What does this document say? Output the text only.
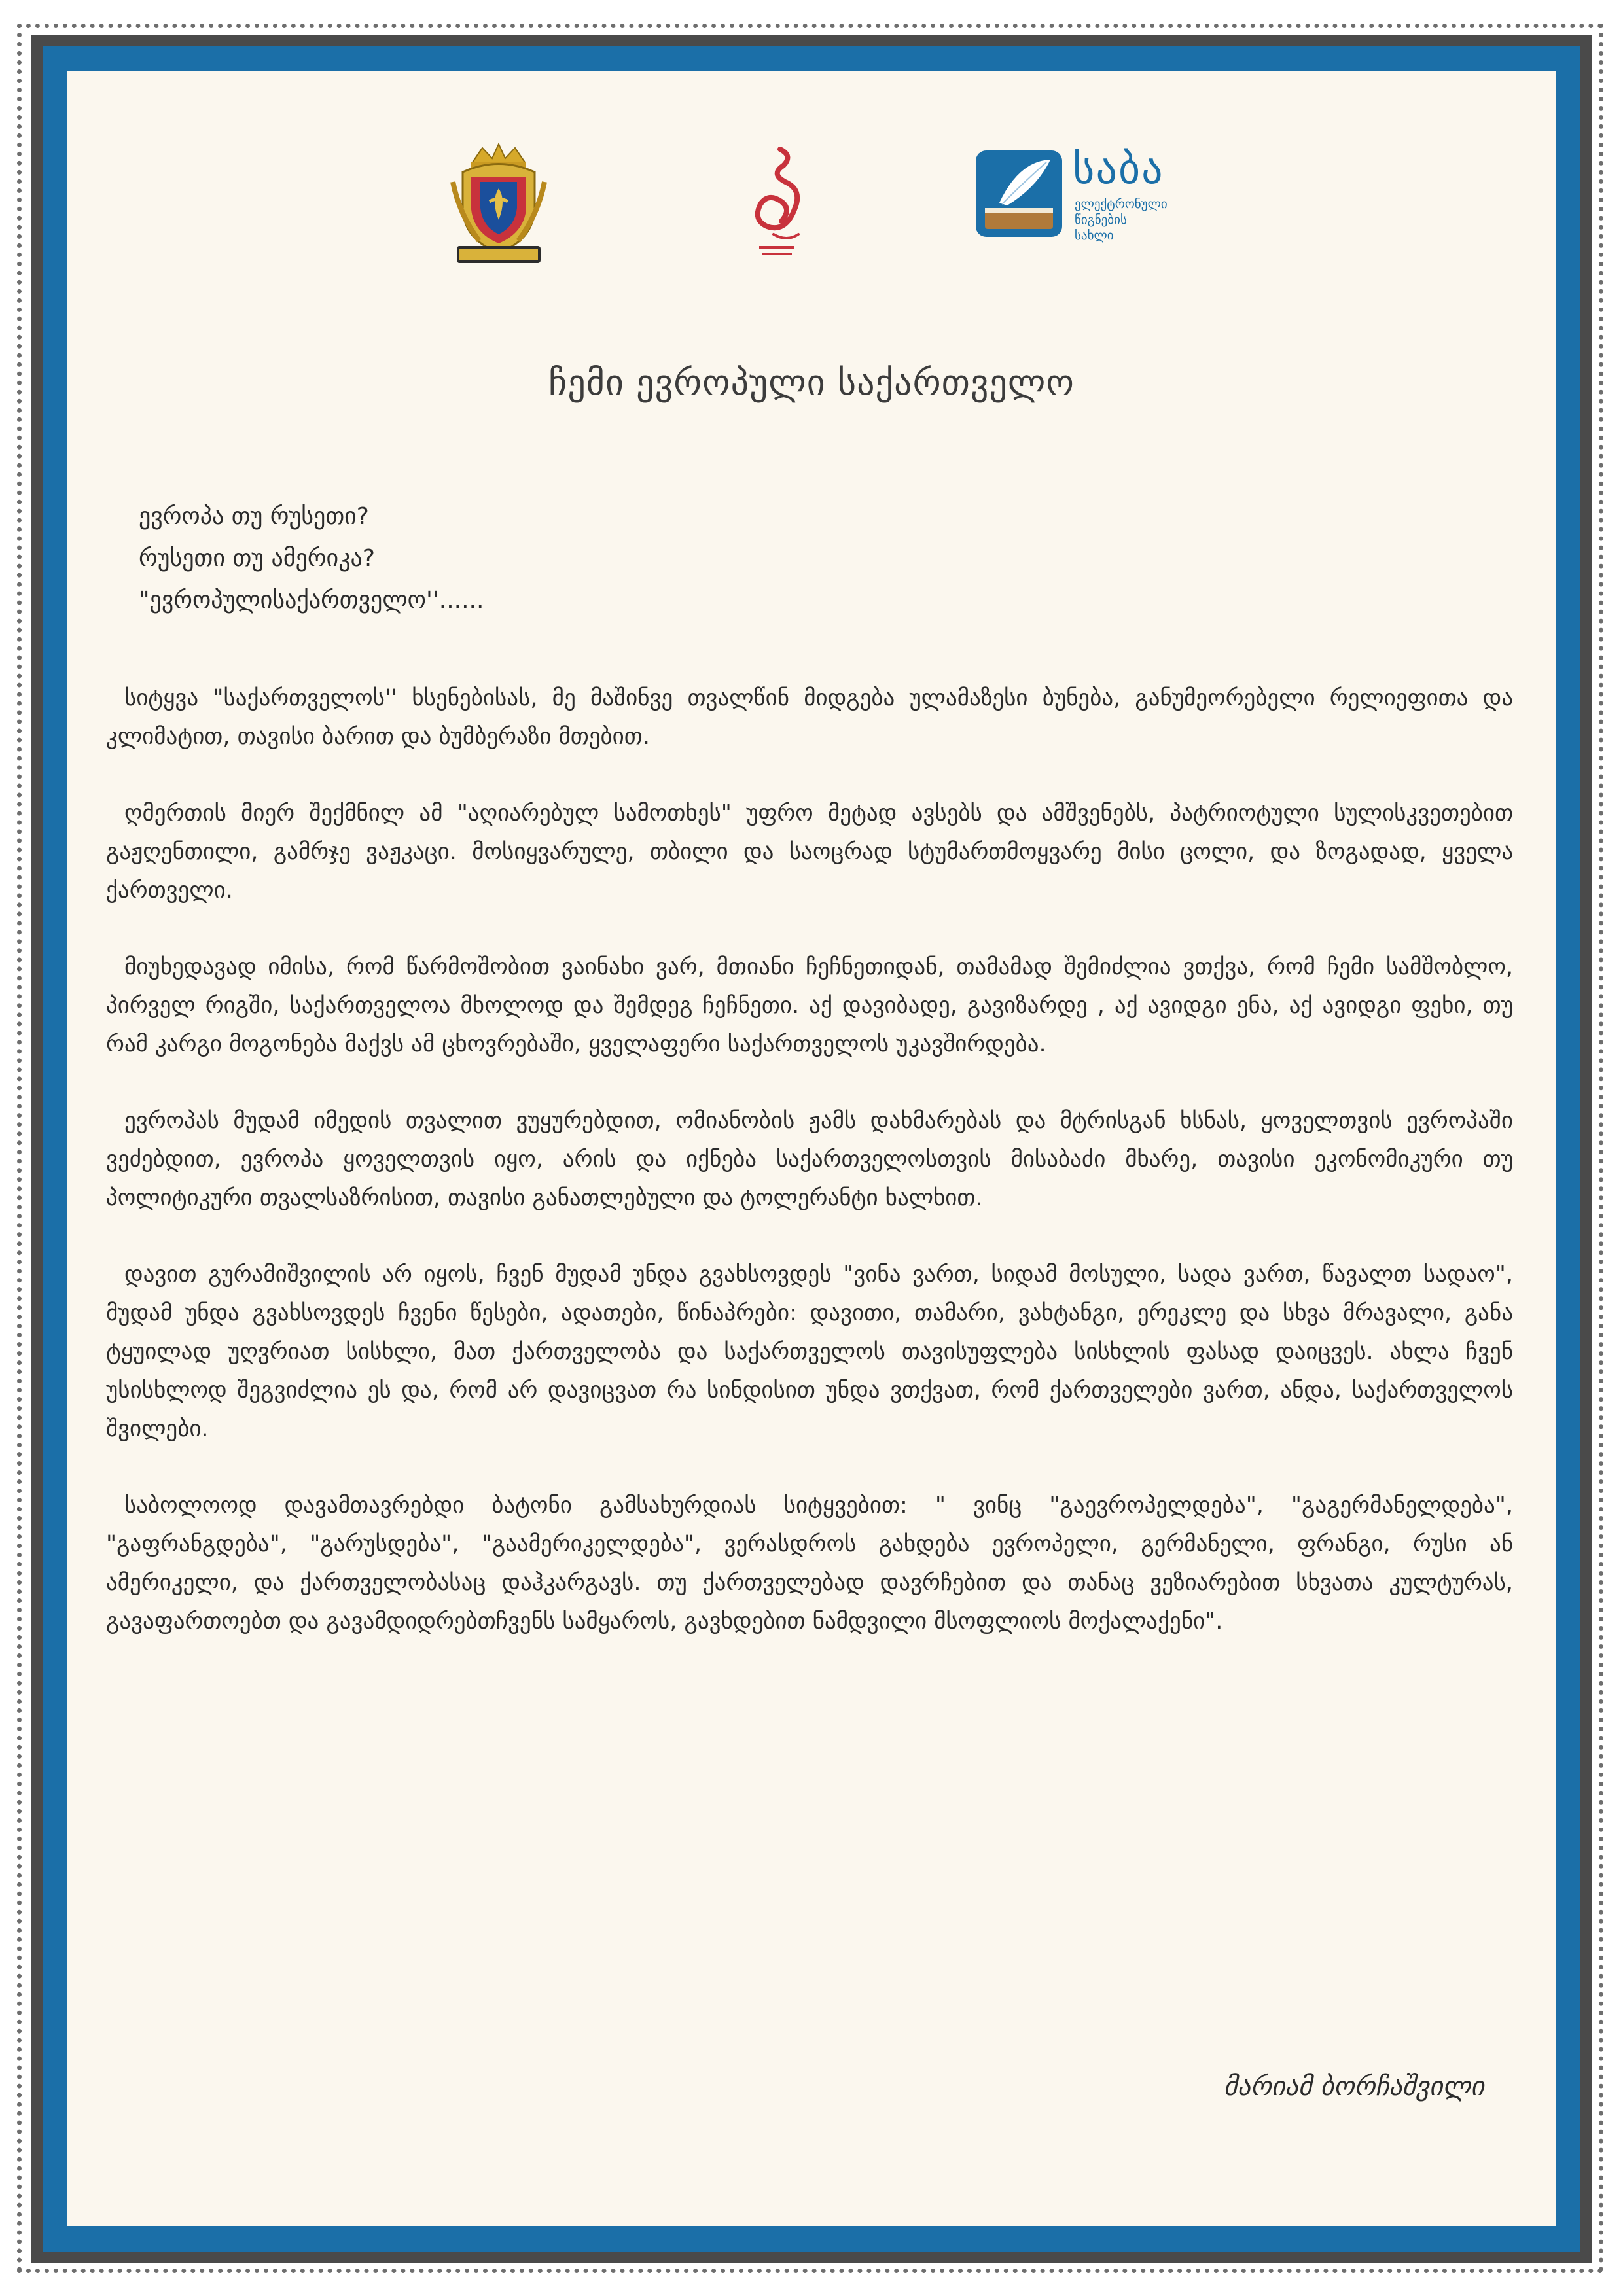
საბა
ელექტრონული
წიგნების
სახლი
ჩემი ევროპული საქართველო
ევროპა თუ რუსეთი?
რუსეთი თუ ამერიკა?
"ევროპულისაქართველო''......

სიტყვა "საქართველოს'' ხსენებისას, მე მაშინვე თვალწინ მიდგება ულამაზესი ბუნება, განუმეორებელი რელიეფითა და კლიმატით, თავისი ბარით და ბუმბერაზი მთებით.

ღმერთის მიერ შექმნილ ამ "აღიარებულ სამოთხეს" უფრო მეტად ავსებს და ამშვენებს, პატრიოტული სულისკვეთებით გაჟღენთილი, გამრჯე ვაჟკაცი. მოსიყვარულე, თბილი და საოცრად სტუმართმოყვარე მისი ცოლი, და ზოგადად, ყველა ქართველი.

მიუხედავად იმისა, რომ წარმოშობით ვაინახი ვარ, მთიანი ჩეჩნეთიდან, თამამად შემიძლია ვთქვა, რომ ჩემი სამშობლო, პირველ რიგში, საქართველოა მხოლოდ და შემდეგ ჩეჩნეთი. აქ დავიბადე, გავიზარდე , აქ ავიდგი ენა, აქ ავიდგი ფეხი, თუ რამ კარგი მოგონება მაქვს ამ ცხოვრებაში, ყველაფერი საქართველოს უკავშირდება.

ევროპას მუდამ იმედის თვალით ვუყურებდით, ომიანობის ჟამს დახმარებას და მტრისგან ხსნას, ყოველთვის ევროპაში ვეძებდით, ევროპა ყოველთვის იყო, არის და იქნება საქართველოსთვის მისაბაძი მხარე, თავისი ეკონომიკური თუ პოლიტიკური თვალსაზრისით, თავისი განათლებული და ტოლერანტი ხალხით.

დავით გურამიშვილის არ იყოს, ჩვენ მუდამ უნდა გვახსოვდეს "ვინა ვართ, სიდამ მოსული, სადა ვართ, წავალთ სადაო", მუდამ უნდა გვახსოვდეს ჩვენი წესები, ადათები, წინაპრები: დავითი, თამარი, ვახტანგი, ერეკლე და სხვა მრავალი, განა ტყუილად უღვრიათ სისხლი, მათ ქართველობა და საქართველოს თავისუფლება სისხლის ფასად დაიცვეს. ახლა ჩვენ უსისხლოდ შეგვიძლია ეს და, რომ არ დავიცვათ რა სინდისით უნდა ვთქვათ, რომ ქართველები ვართ, ანდა, საქართველოს შვილები.

საბოლოოდ დავამთავრებდი ბატონი გამსახურდიას სიტყვებით: " ვინც "გაევროპელდება", "გაგერმანელდება", "გაფრანგდება", "გარუსდება", "გაამერიკელდება", ვერასდროს გახდება ევროპელი, გერმანელი, ფრანგი, რუსი ან ამერიკელი, და ქართველობასაც დაჰკარგავს. თუ ქართველებად დავრჩებით და თანაც ვეზიარებით სხვათა კულტურას, გავაფართოებთ და გავამდიდრებთჩვენს სამყაროს, გავხდებით ნამდვილი მსოფლიოს მოქალაქენი".

მარიამ ბორჩაშვილი
